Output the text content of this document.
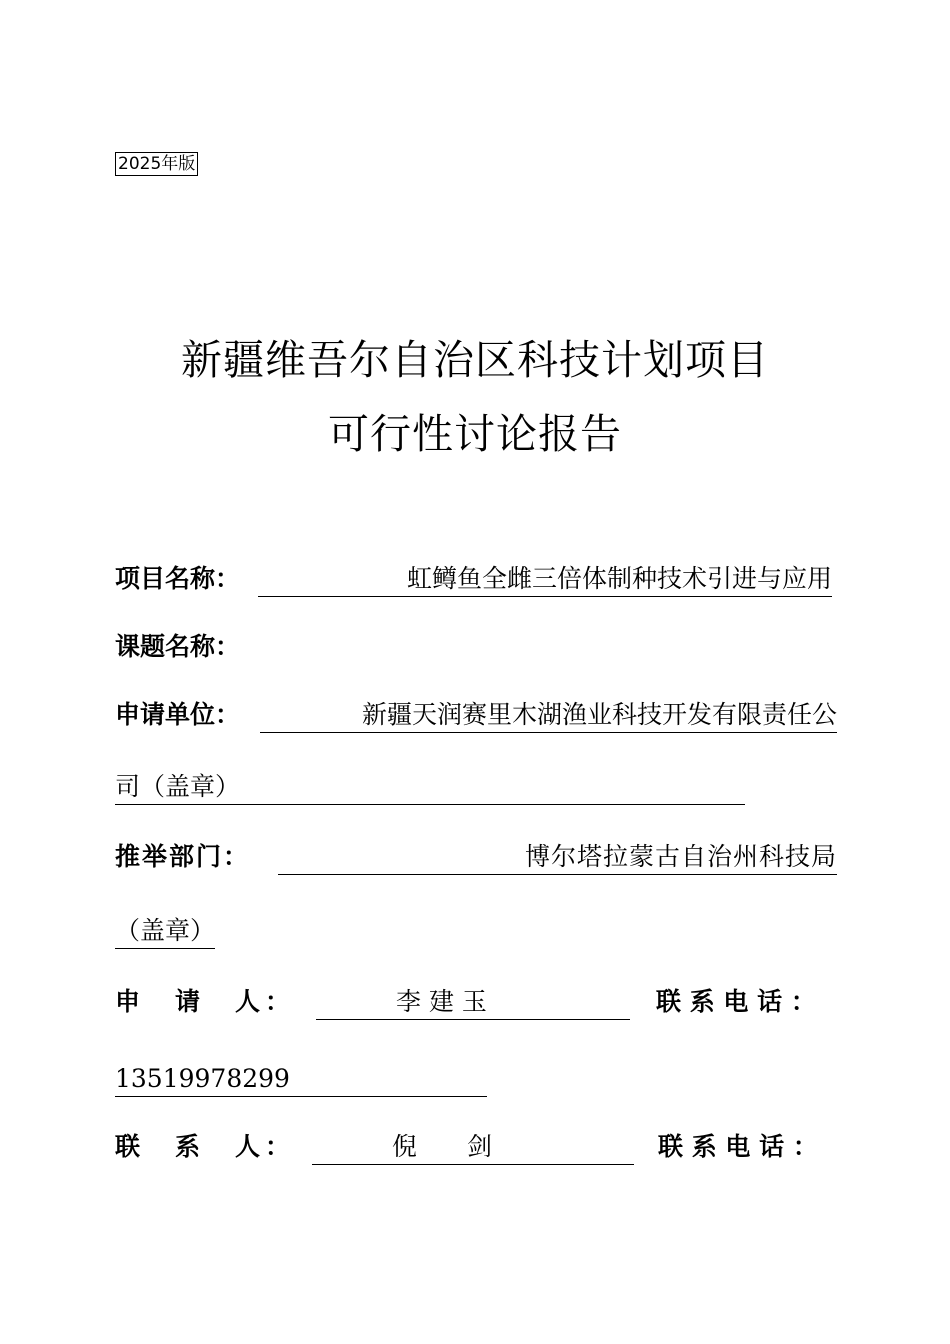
2025年版
新疆维吾尔自治区科技计划项目
可行性讨论报告
项目名称：	虹鳟鱼全雌三倍体制种技术引进与应用
课题名称：
申请单位：	新疆天润赛里木湖渔业科技开发有限责任公
司（盖章）
推举部门：	博尔塔拉蒙古自治州科技局
（盖章）
申　请　人：	李 建 玉	联 系 电 话 ：
13519978299
联　系　人：	倪　　剑	联 系 电 话 ：
